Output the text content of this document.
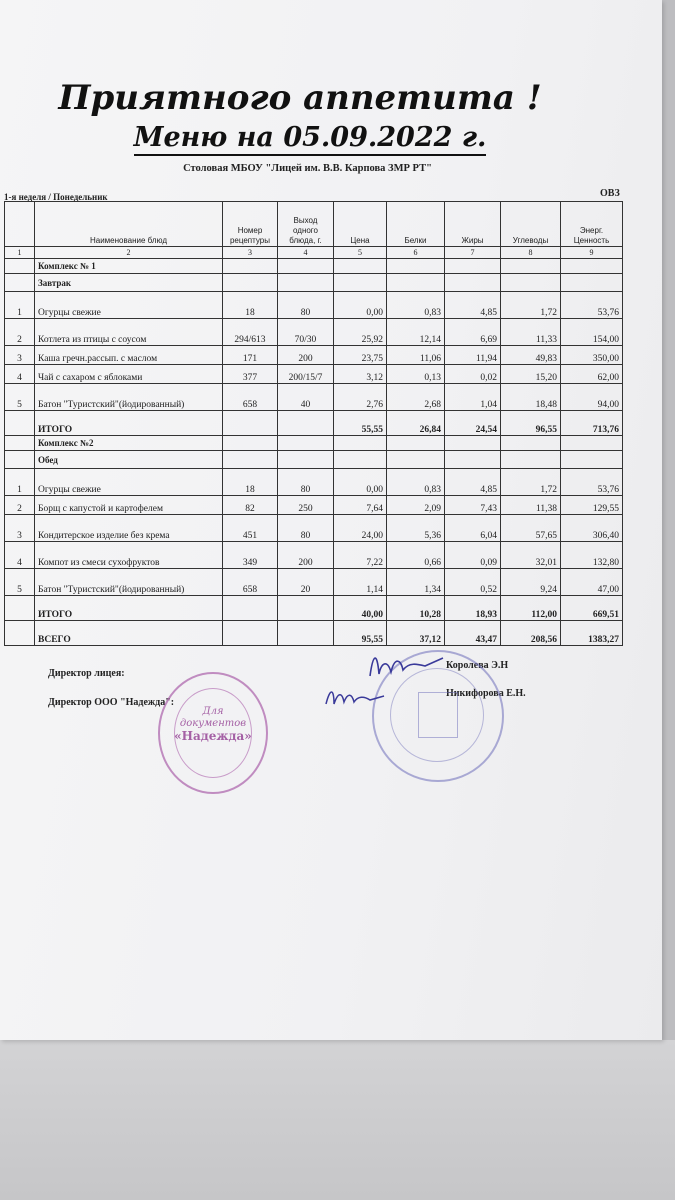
Приятного аппетита !
Меню на 05.09.2022 г.
Столовая МБОУ "Лицей им. В.В. Карпова ЗМР РТ"
1-я неделя / Понедельник	ОВЗ
	Наименование блюд	Номер рецептуры	Выход одного блюда, г.	Цена	Белки	Жиры	Углеводы	Энерг. Ценность
1	2	3	4	5	6	7	8	9
	Комплекс № 1							
	Завтрак							
1	Огурцы свежие	18	80	0,00	0,83	4,85	1,72	53,76
2	Котлета из птицы с соусом	294/613	70/30	25,92	12,14	6,69	11,33	154,00
3	Каша гречн.рассып. с маслом	171	200	23,75	11,06	11,94	49,83	350,00
4	Чай с сахаром с яблоками	377	200/15/7	3,12	0,13	0,02	15,20	62,00
5	Батон "Туристский"(йодированный)	658	40	2,76	2,68	1,04	18,48	94,00
	ИТОГО			55,55	26,84	24,54	96,55	713,76
	Комплекс №2							
	Обед							
1	Огурцы свежие	18	80	0,00	0,83	4,85	1,72	53,76
2	Борщ с капустой и картофелем	82	250	7,64	2,09	7,43	11,38	129,55
3	Кондитерское изделие без крема	451	80	24,00	5,36	6,04	57,65	306,40
4	Компот из смеси сухофруктов	349	200	7,22	0,66	0,09	32,01	132,80
5	Батон "Туристский"(йодированный)	658	20	1,14	1,34	0,52	9,24	47,00
	ИТОГО			40,00	10,28	18,93	112,00	669,51
	ВСЕГО			95,55	37,12	43,47	208,56	1383,27
Директор лицея:
Королева Э.Н
Директор ООО "Надежда":
Никифорова Е.Н.
Для
документов
«Надежда»
